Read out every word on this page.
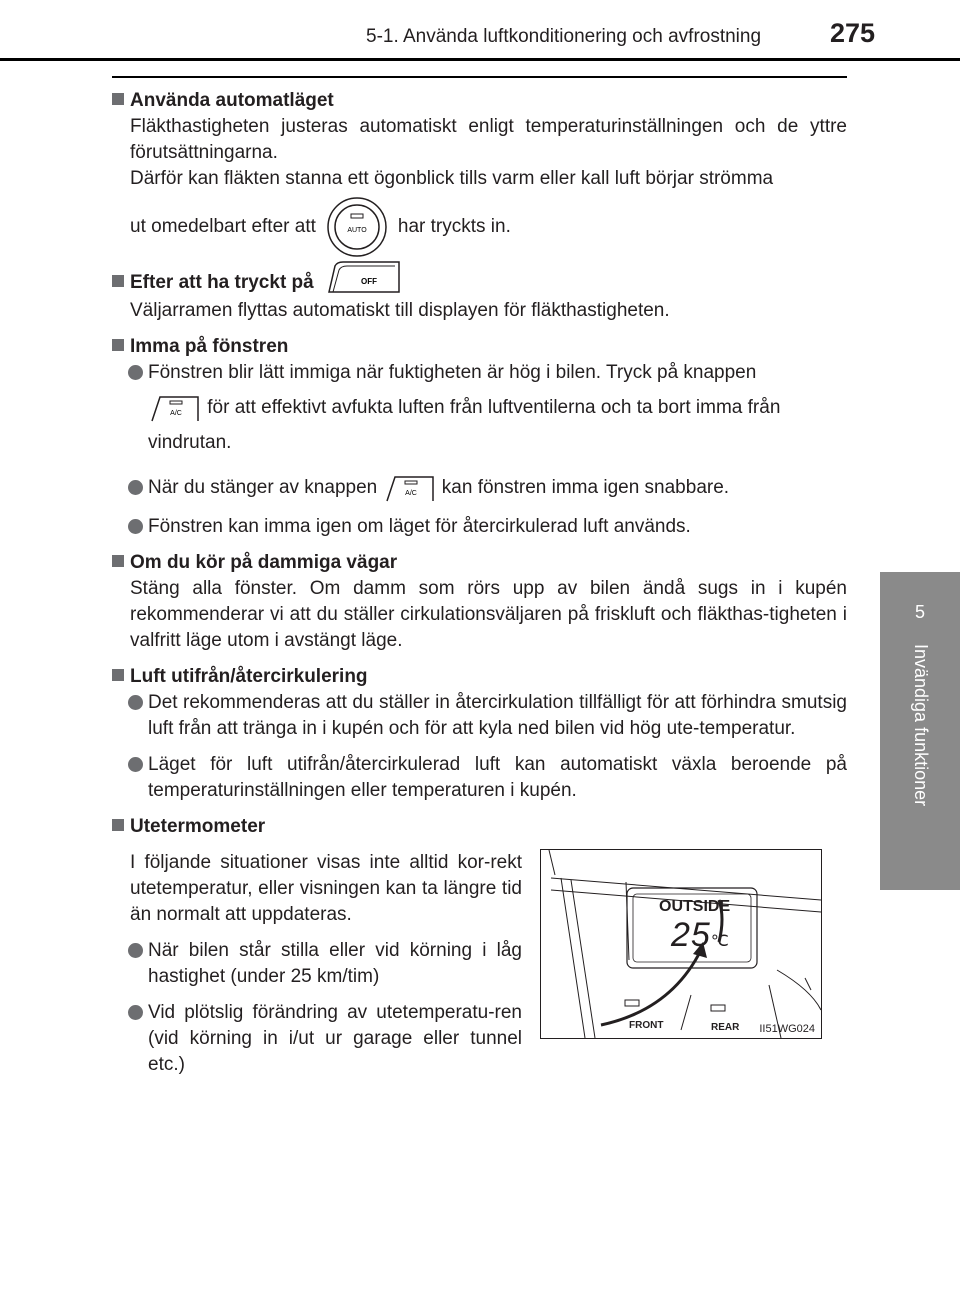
5-1. Använda luftkonditionering och avfrostning	275
5
Invändiga funktioner

Använda automatläget

Fläkthastigheten justeras automatiskt enligt temperaturinställningen och de yttre förutsättningarna.
Därför kan fläkten stanna ett ögonblick tills varm eller kall luft börjar strömma

ut omedelbart efter att	AUTO har tryckts in.

Efter att ha tryckt på	OFF

Väljarramen flyttas automatiskt till displayen för fläkthastigheten.

Imma på fönstren

Fönstren blir lätt immiga när fuktigheten är hög i bilen. Tryck på knappen

A/C för att effektivt avfukta luften från luftventilerna och ta bort imma från
vindrutan.
När du stänger av knappen	A/C kan fönstren imma igen snabbare.
Fönstren kan imma igen om läget för återcirkulerad luft används.

Om du kör på dammiga vägar

Stäng alla fönster. Om damm som rörs upp av bilen ändå sugs in i kupén rekommenderar vi att du ställer cirkulationsväljaren på friskluft och fläkthas-tigheten i valfritt läge utom i avstängt läge.

Luft utifrån/återcirkulering

Det rekommenderas att du ställer in återcirkulation tillfälligt för att förhindra smutsig luft från att tränga in i kupén och för att kyla ned bilen vid hög ute-temperatur.
Läget för luft utifrån/återcirkulerad luft kan automatiskt växla beroende på temperaturinställningen eller temperaturen i kupén.

Utetermometer

I följande situationer visas inte alltid kor-rekt utetemperatur, eller visningen kan ta längre tid än normalt att uppdateras.

När bilen står stilla eller vid körning i låg hastighet (under 25 km/tim)
Vid plötslig förändring av utetemperatu-ren (vid körning in i/ut ur garage eller tunnel etc.)
OUTSIDE
25℃
FRONT	REAR II51WG024
